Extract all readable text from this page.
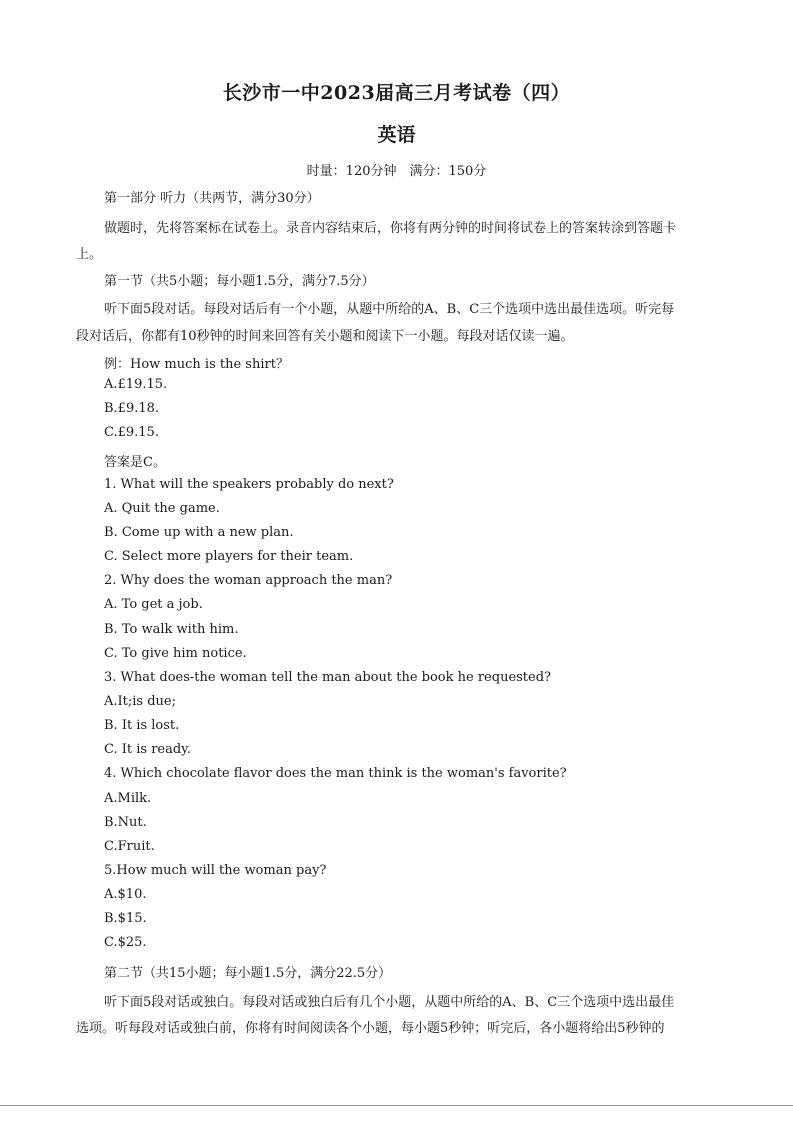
长沙市一中2023届高三月考试卷（四）
英语
时量：120分钟　满分：150分
第一部分 听力（共两节，满分30分）
做题时，先将答案标在试卷上。录音内容结束后，你将有两分钟的时间将试卷上的答案转涂到答题卡
上。
第一节（共5小题；每小题1.5分，满分7.5分）
听下面5段对话。每段对话后有一个小题，从题中所给的A、B、C三个选项中选出最佳选项。听完每
段对话后，你都有10秒钟的时间来回答有关小题和阅读下一小题。每段对话仅读一遍。
例：How much is the shirt？
A.£19.15.
B.£9.18.
C.£9.15.
答案是C。
1. What will the speakers probably do next?
A. Quit the game.
B. Come up with a new plan.
C. Select more players for their team.
2. Why does the woman approach the man?
A. To get a job.
B. To walk with him.
C. To give him notice.
3. What does-the woman tell the man about the book he requested?
A.It;is due;
B. It is lost.
C. It is ready.
4. Which chocolate flavor does the man think is the woman's favorite?
A.Milk.
B.Nut.
C.Fruit.
5.How much will the woman pay?
A.$10.
B.$15.
C.$25.
第二节（共15小题；每小题1.5分，满分22.5分）
听下面5段对话或独白。每段对话或独白后有几个小题，从题中所给的A、B、C三个选项中选出最佳
选项。听每段对话或独白前，你将有时间阅读各个小题，每小题5秒钟；听完后，各小题将给出5秒钟的
